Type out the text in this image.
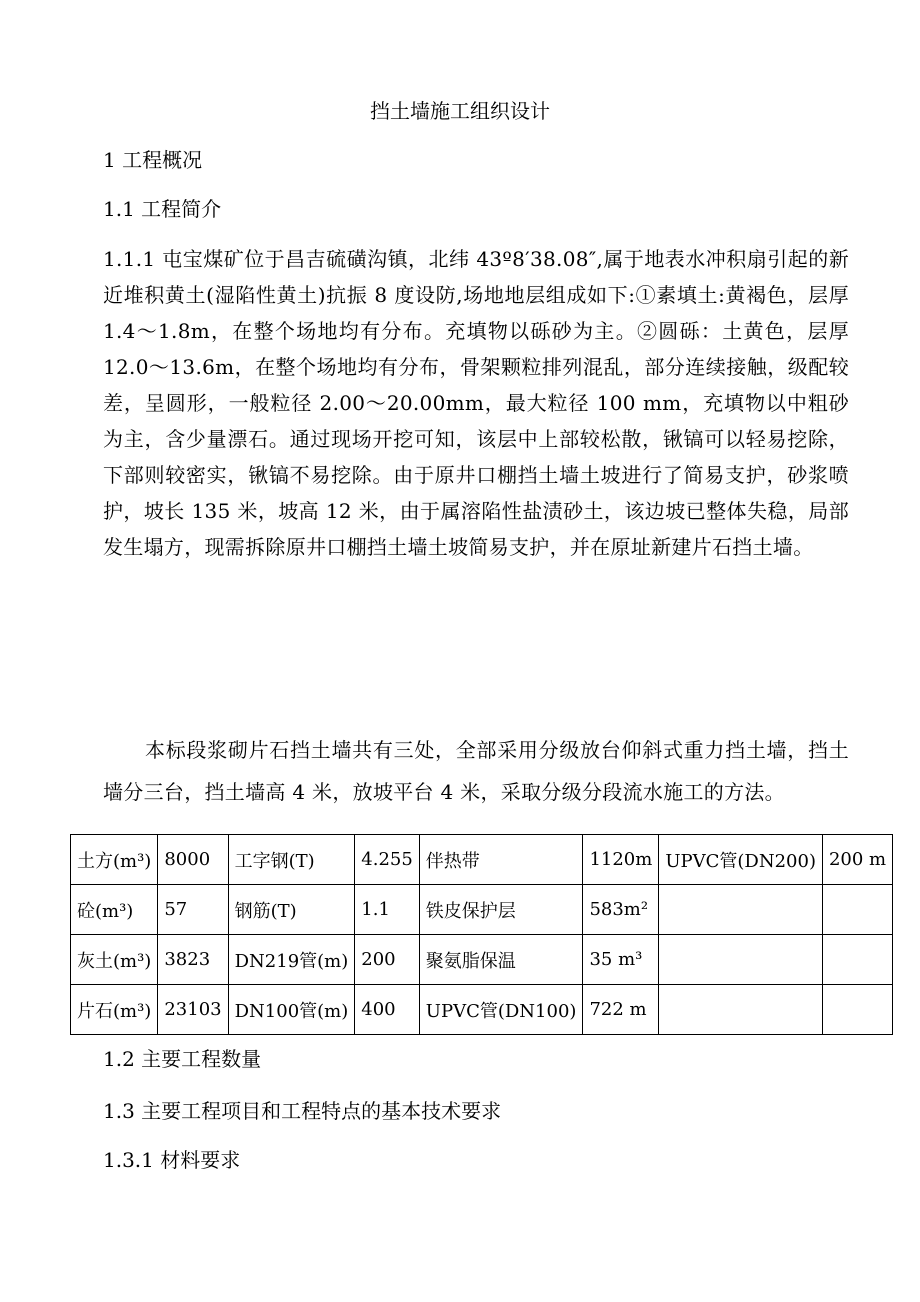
挡土墙施工组织设计
1 工程概况
1.1 工程简介
1.1.1 屯宝煤矿位于昌吉硫磺沟镇，北纬 43º8′38.08″,属于地表水冲积扇引起的新近堆积黄土(湿陷性黄土)抗振 8 度设防,场地地层组成如下:①素填土:黄褐色，层厚 1.4～1.8m，在整个场地均有分布。充填物以砾砂为主。②圆砾：土黄色，层厚 12.0～13.6m，在整个场地均有分布，骨架颗粒排列混乱，部分连续接触，级配较差，呈圆形，一般粒径 2.00～20.00mm，最大粒径 100 mm，充填物以中粗砂为主，含少量漂石。通过现场开挖可知，该层中上部较松散，锹镐可以轻易挖除，下部则较密实，锹镐不易挖除。由于原井口棚挡土墙土坡进行了简易支护，砂浆喷护，坡长 135 米，坡高 12 米，由于属溶陷性盐渍砂土，该边坡已整体失稳，局部发生塌方，现需拆除原井口棚挡土墙土坡简易支护，并在原址新建片石挡土墙。
本标段浆砌片石挡土墙共有三处，全部采用分级放台仰斜式重力挡土墙，挡土墙分三台，挡土墙高 4 米，放坡平台 4 米，采取分级分段流水施工的方法。
土方(m³)	8000	工字钢(T)	4.255	伴热带	1120m	UPVC管(DN200)	200 m
砼(m³)	57	钢筋(T)	1.1	铁皮保护层	583m²		
灰土(m³)	3823	DN219管(m)	200	聚氨脂保温	35 m³		
片石(m³)	23103	DN100管(m)	400	UPVC管(DN100)	722 m		
1.2 主要工程数量
1.3 主要工程项目和工程特点的基本技术要求
1.3.1 材料要求
